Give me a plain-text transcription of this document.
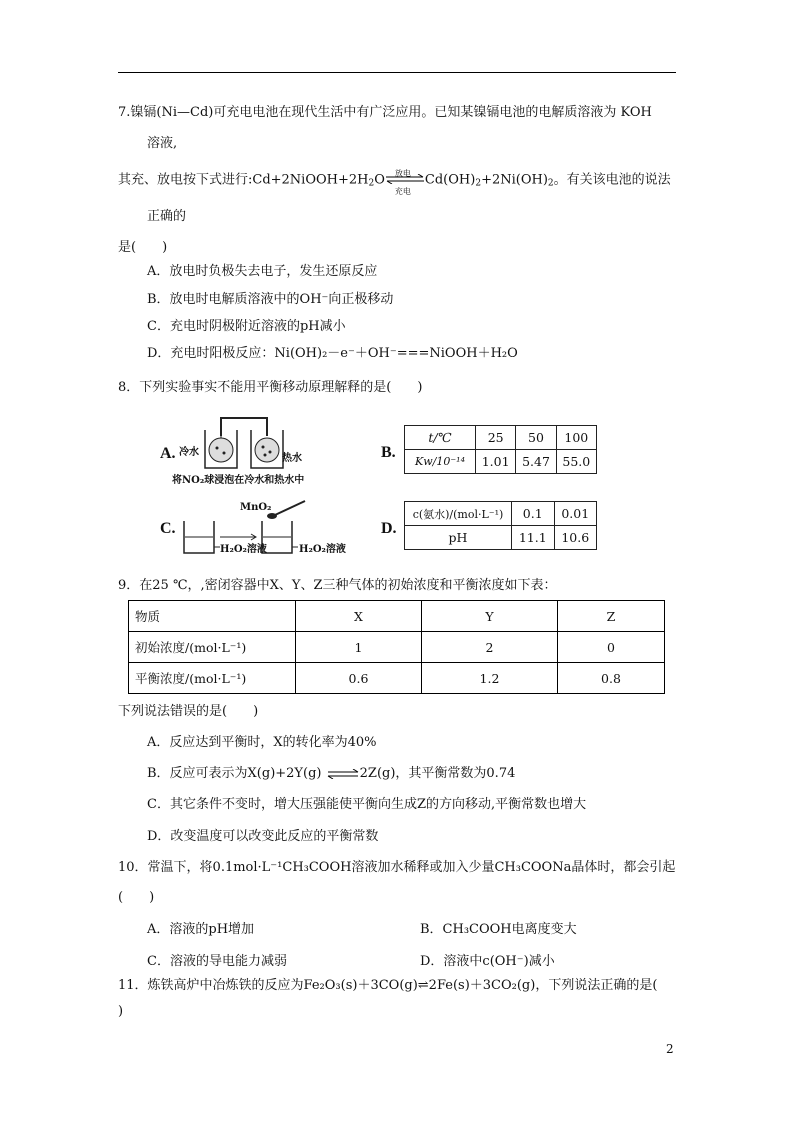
7.镍镉(Ni—Cd)可充电电池在现代生活中有广泛应用。已知某镍镉电池的电解质溶液为 KOH
溶液,
其充、放电按下式进行$:Cd+2NiOOH+2H_2O$ 放电
充电
$Cd(OH)_2+2Ni(OH)_2$。有关该电池的说法
正确的
是(　　)
A．放电时负极失去电子，发生还原反应
B．放电时电解质溶液中的OH⁻向正极移动
C．充电时阴极附近溶液的pH减小
D．充电时阳极反应：Ni(OH)₂－e⁻＋OH⁻===NiOOH＋H₂O
8．下列实验事实不能用平衡移动原理解释的是(　　)
A. 冷水
热水
将NO₂球浸泡在冷水和热水中
B.
t/℃	25	50	100
Kw/10⁻¹⁴	1.01	5.47	55.0
C.
MnO₂
H₂O₂溶液	H₂O₂溶液
D.
c(氨水)/(mol·L⁻¹)	0.1	0.01
pH	11.1	10.6
9．在25 ℃，,密闭容器中X、Y、Z三种气体的初始浓度和平衡浓度如下表：
物质	X	Y	Z
初始浓度/(mol·L⁻¹)	1	2	0
平衡浓度/(mol·L⁻¹)	0.6	1.2	0.8
下列说法错误的是(　　)
A．反应达到平衡时，X的转化率为40%
B．反应可表示为X(g)+2Y(g) ⇌2Z(g)，其平衡常数为0.74
C．其它条件不变时，增大压强能使平衡向生成Z的方向移动,平衡常数也增大
D．改变温度可以改变此反应的平衡常数
10．常温下，将0.1mol·L⁻¹CH₃COOH溶液加水稀释或加入少量CH₃COONa晶体时，都会引起
(　　)
A．溶液的pH增加	B．CH₃COOH电离度变大
C．溶液的导电能力减弱	D．溶液中c(OH⁻)减小
11．炼铁高炉中冶炼铁的反应为Fe₂O₃(s)＋3CO(g)⇌2Fe(s)＋3CO₂(g)，下列说法正确的是(
)
2
